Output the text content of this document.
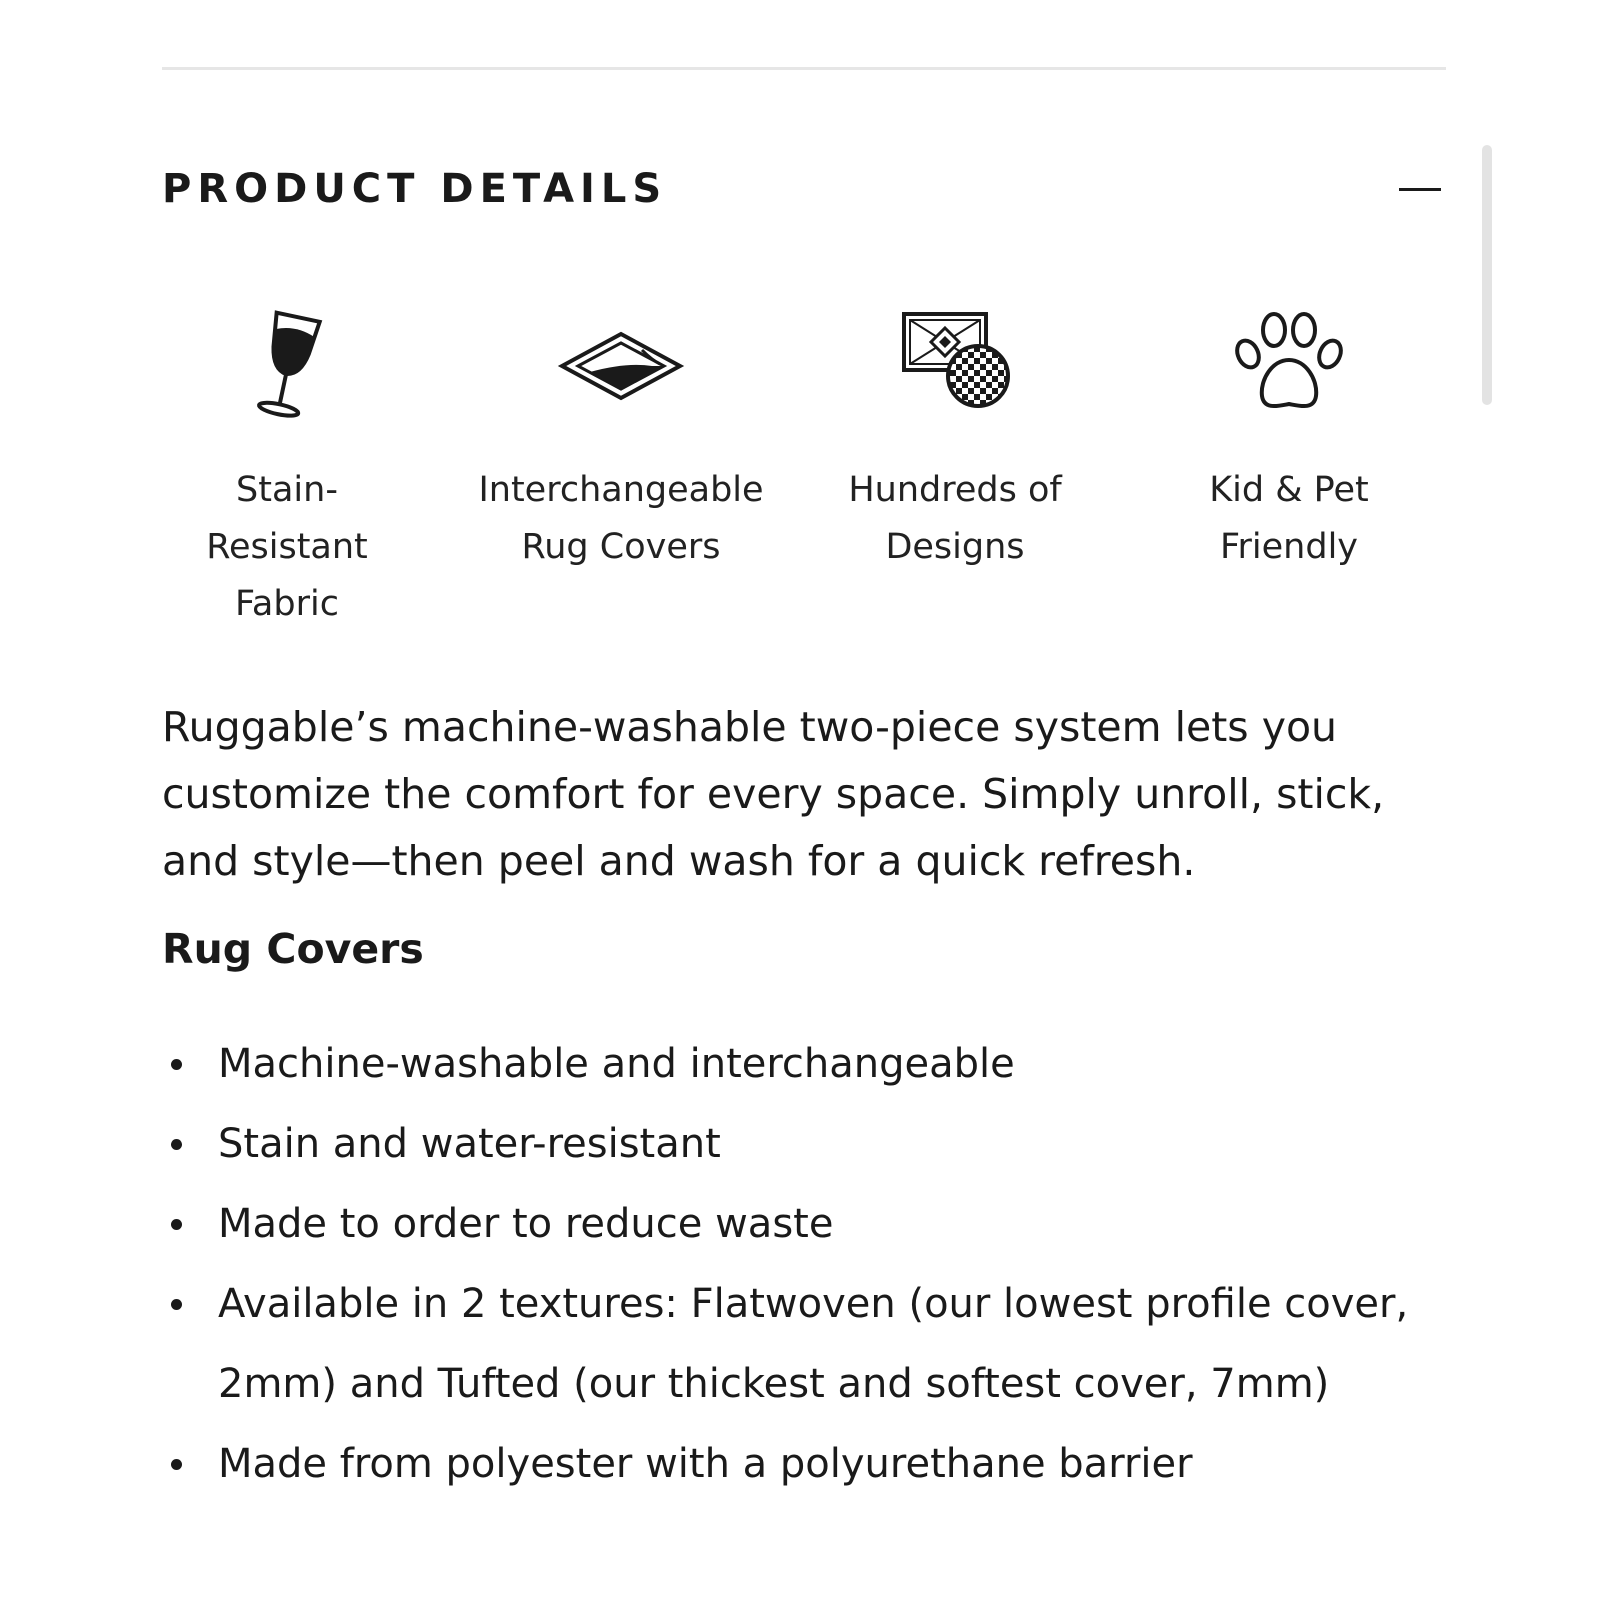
PRODUCT DETAILS
Stain-
Resistant
Fabric
Interchangeable
Rug Covers
Hundreds of
Designs
Kid & Pet
Friendly

Ruggable’s machine-washable two-piece system lets you customize the comfort for every space. Simply unroll, stick, and style—then peel and wash for a quick refresh.

Rug Covers
Machine-washable and interchangeable
Stain and water-resistant
Made to order to reduce waste
Available in 2 textures: Flatwoven (our lowest profile cover, 2mm) and Tufted (our thickest and softest cover, 7mm)
Made from polyester with a polyurethane barrier
